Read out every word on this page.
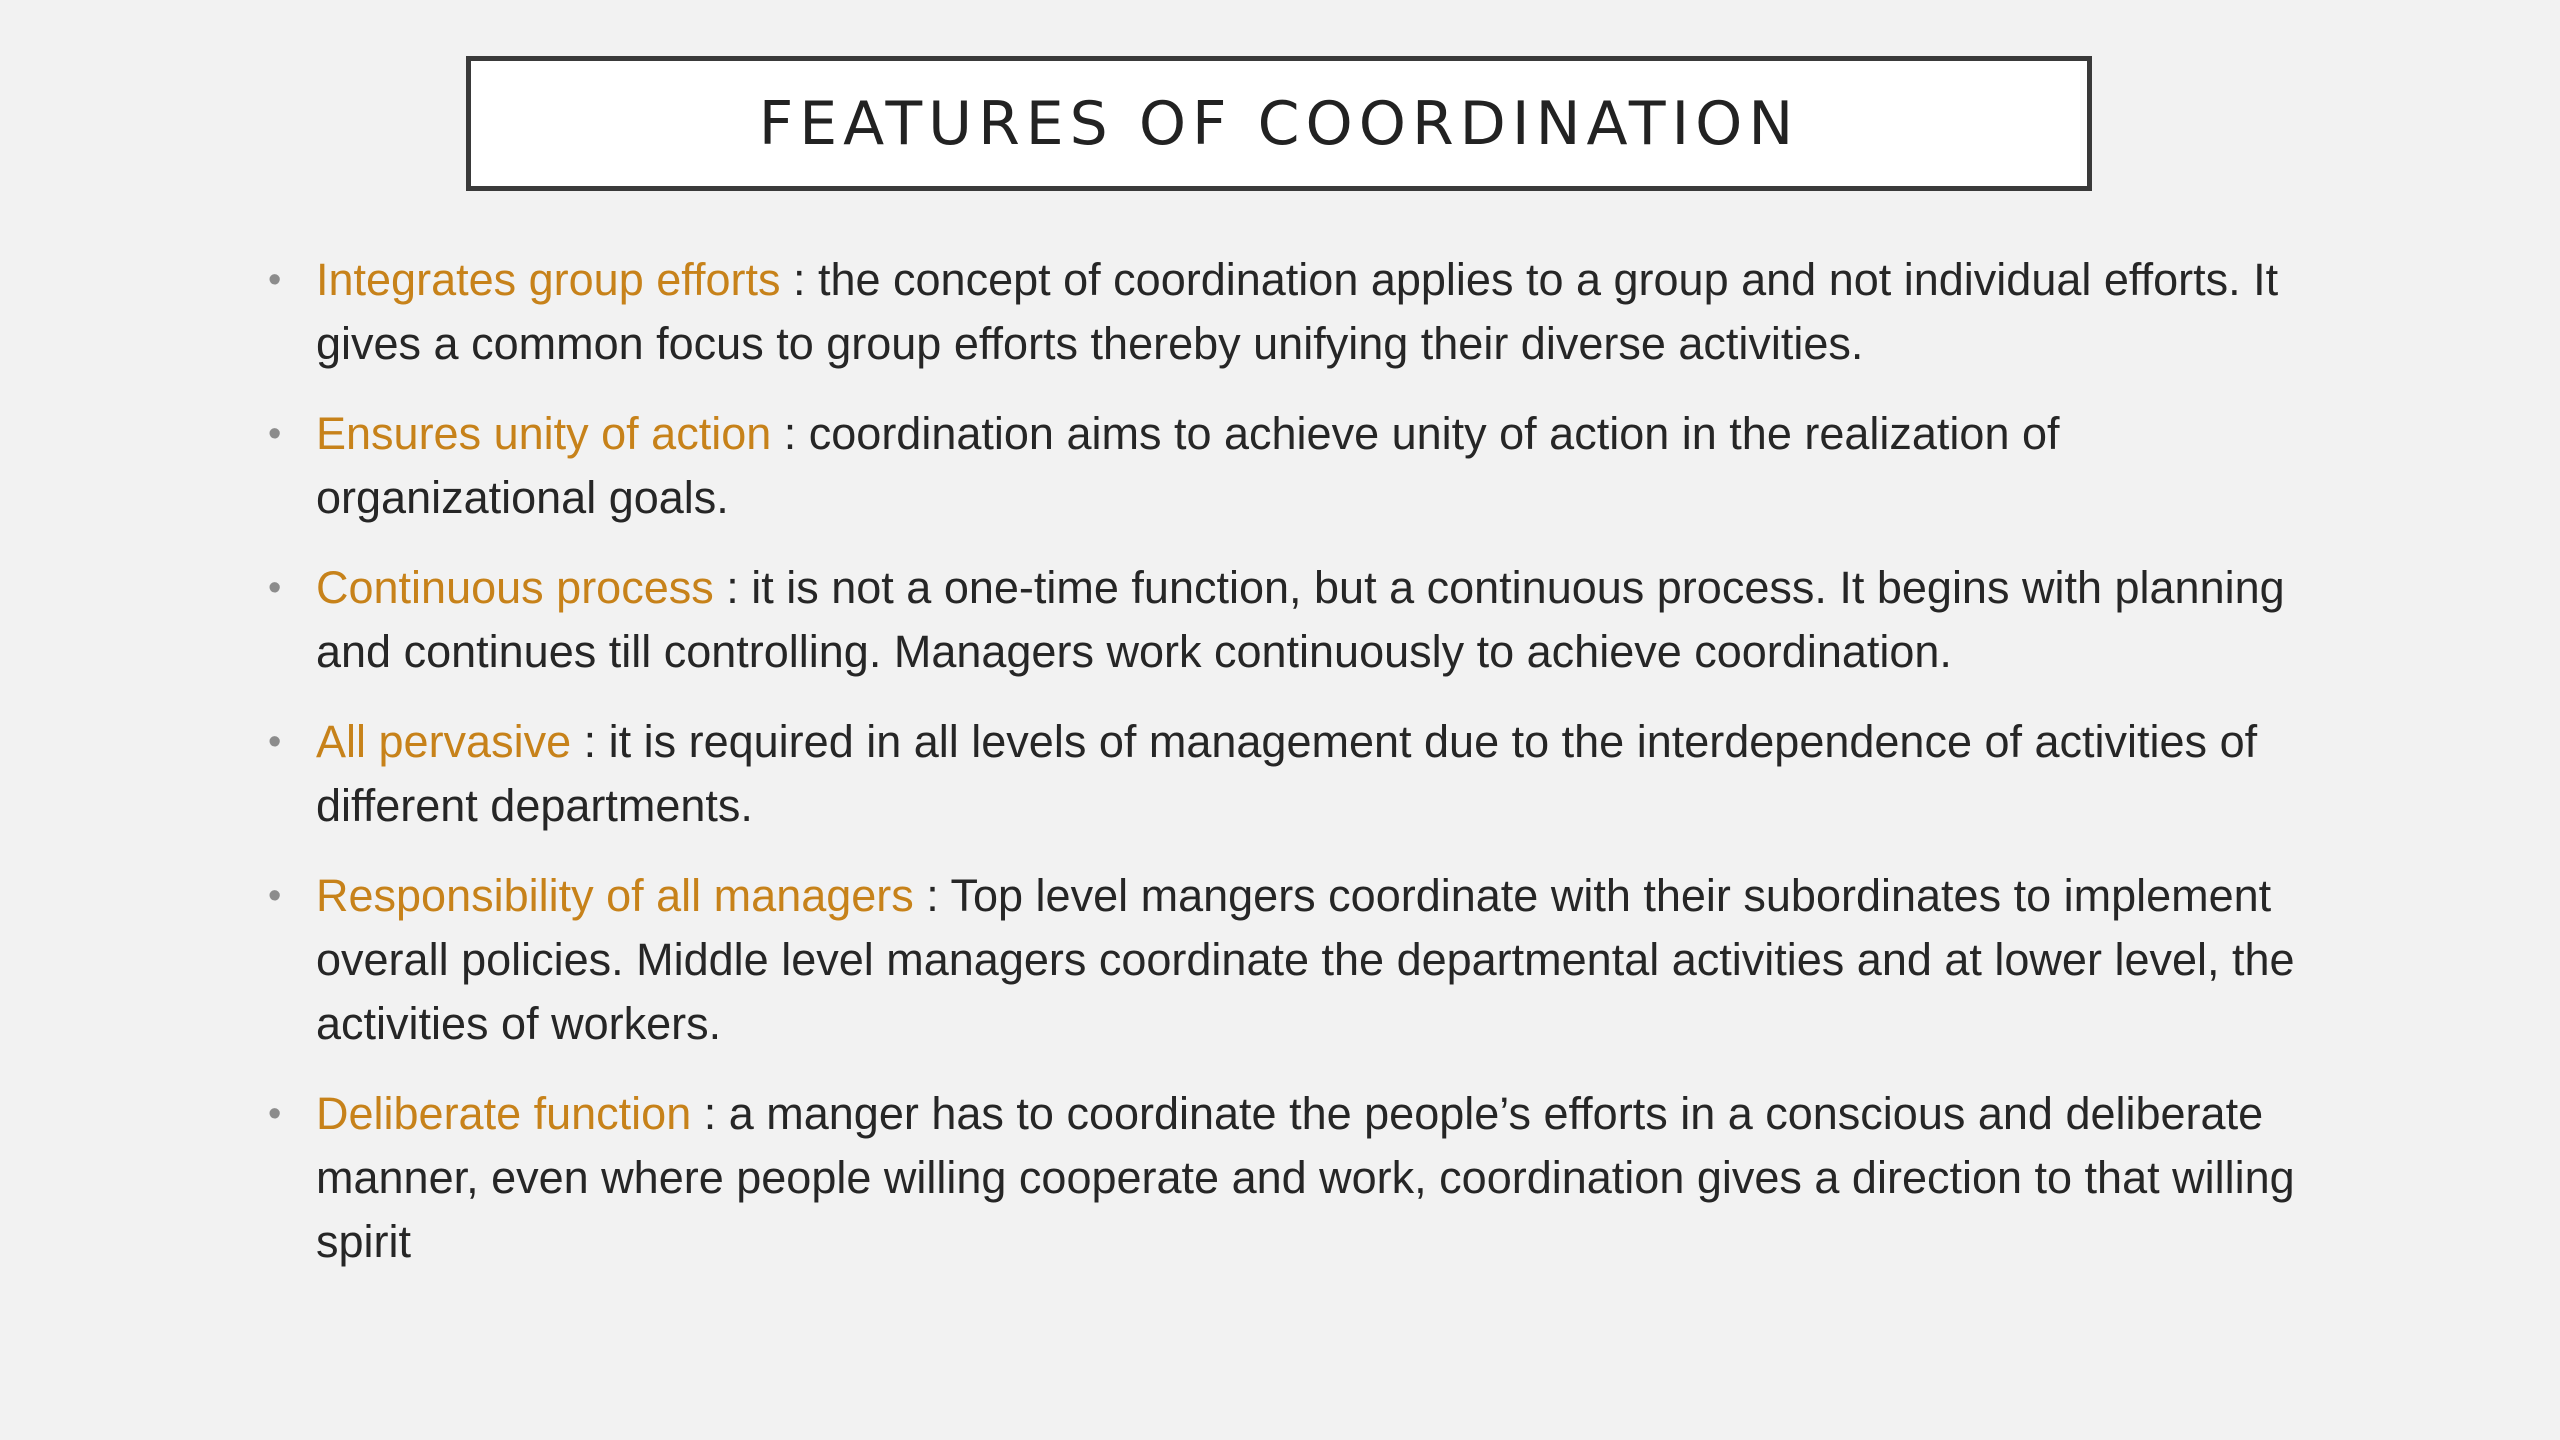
FEATURES OF COORDINATION
• Integrates group efforts : the concept of coordination applies to a group and not individual efforts. It gives a common focus to group efforts thereby unifying their diverse activities.
• Ensures unity of action : coordination aims to achieve unity of action in the realization of organizational goals.
• Continuous process : it is not a one-time function, but a continuous process. It begins with planning and continues till controlling. Managers work continuously to achieve coordination.
• All pervasive : it is required in all levels of management due to the interdependence of activities of different departments.
• Responsibility of all managers : Top level mangers coordinate with their subordinates to implement overall policies. Middle level managers coordinate the departmental activities and at lower level, the activities of workers.
• Deliberate function : a manger has to coordinate the people’s efforts in a conscious and deliberate manner, even where people willing cooperate and work, coordination gives a direction to that willing spirit
